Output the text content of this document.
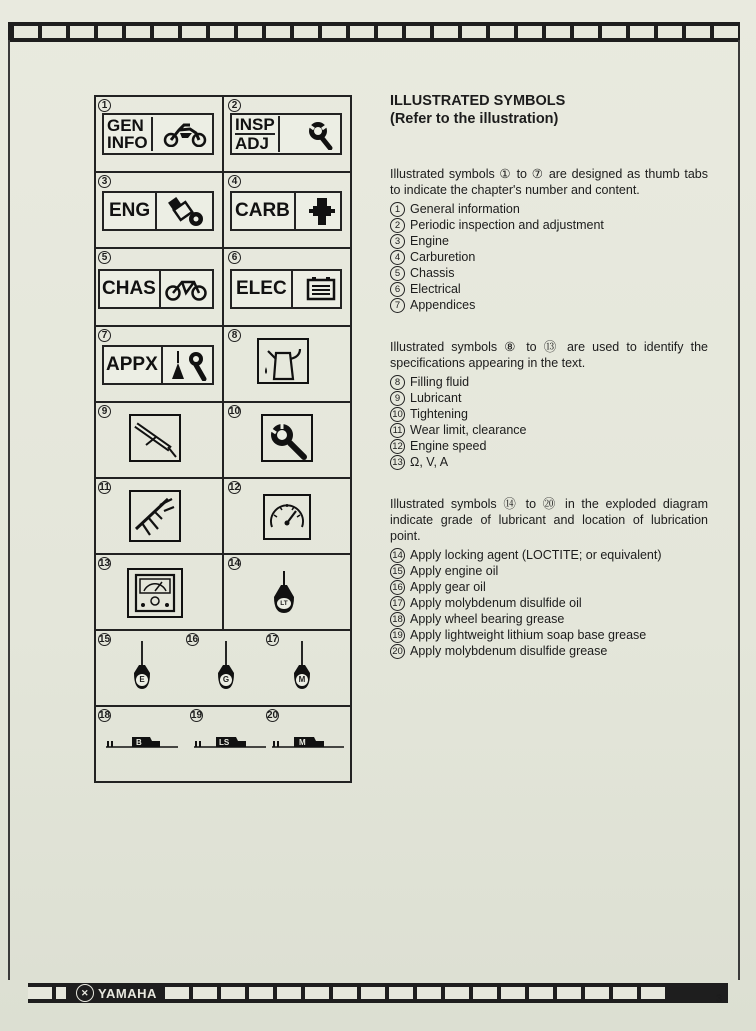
1
GEN
INFO
2
INSP
ADJ
3
ENG
4
CARB
5
CHAS
6
ELEC
7
APPX
8
9	10
11	12
13	14
LT
15	16	17
E	G	M
18	19	20
B	LS	M
ILLUSTRATED SYMBOLS
(Refer to the illustration)

Illustrated symbols ① to ⑦ are designed as thumb tabs to indicate the chapter's number and content.

1 General information
2 Periodic inspection and adjustment
3 Engine
4 Carburetion
5 Chassis
6 Electrical
7 Appendices

Illustrated symbols ⑧ to ⑬ are used to identify the specifications appearing in the text.

8 Filling fluid
9 Lubricant
10 Tightening
11 Wear limit, clearance
12 Engine speed
13 Ω, V, A

Illustrated symbols ⑭ to ⑳ in the exploded diagram indicate grade of lubricant and location of lubrication point.

14 Apply locking agent (LOCTITE; or equivalent)
15 Apply engine oil
16 Apply gear oil
17 Apply molybdenum disulfide oil
18 Apply wheel bearing grease
19 Apply lightweight lithium soap base grease
20 Apply molybdenum disulfide grease
✕ YAMAHA	3
